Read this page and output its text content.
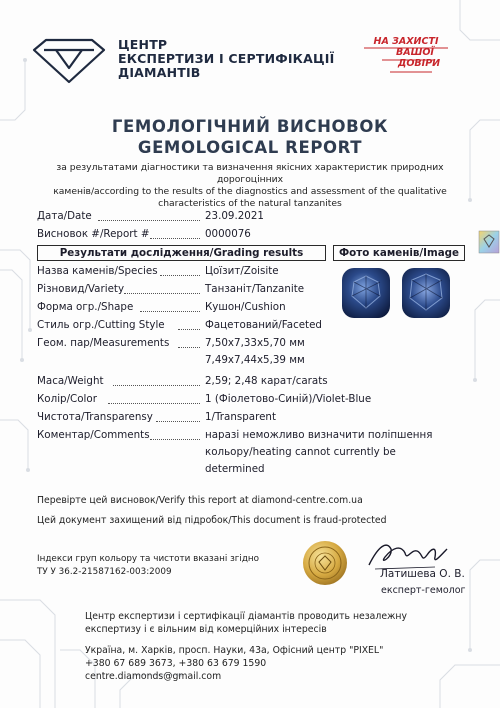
ЦЕНТР
ЕКСПЕРТИЗИ І СЕРТИФІКАЦІЇ
ДІАМАНТІВ
НА ЗАХИСТІ
ВАШОЇ
ДОВІРИ
ГЕМОЛОГІЧНИЙ ВИСНОВОК
GEMOLOGICAL REPORT
за результатами діагностики та визначення якісних характеристик природних дорогоцінних
каменів/according to the results of the diagnostics and assessment of the qualitative
characteristics of the natural tanzanites
Дата/Date	23.09.2021
Висновок #/Report #	0000076
Результати дослідження/Grading results	Фото каменів/Image
Назва каменів/Species	Цоїзит/Zoisite
Різновид/Variety	Танзаніт/Tanzanite
Форма огр./Shape	Кушон/Cushion
Стиль огр./Cutting Style	Фацетований/Faceted
Геом. пар/Measurements	7,50x7,33x5,70 мм
7,49x7,44x5,39 мм
Маса/Weight	2,59; 2,48 карат/carats
Колір/Color	1 (Фіолетово-Синій)/Violet-Blue
Чистота/Transparensy	1/Transparent
Коментар/Comments	наразі неможливо визначити поліпшення
кольору/heating cannot currently be
determined
Перевірте цей висновок/Verify this report at diamond-centre.com.ua
Цей документ захищений від підробок/This document is fraud-protected
Індекси груп кольору та чистоти вказані згідно
ТУ У 36.2-21587162-003:2009	Латишева О. В.
експерт-гемолог
Центр експертизи і сертифікації діамантів проводить незалежну
експертизу і є вільним від комерційних інтересів
Україна, м. Харків, просп. Науки, 43а, Офісний центр "PIXEL"
+380 67 689 3673, +380 63 679 1590
centre.diamonds@gmail.com
